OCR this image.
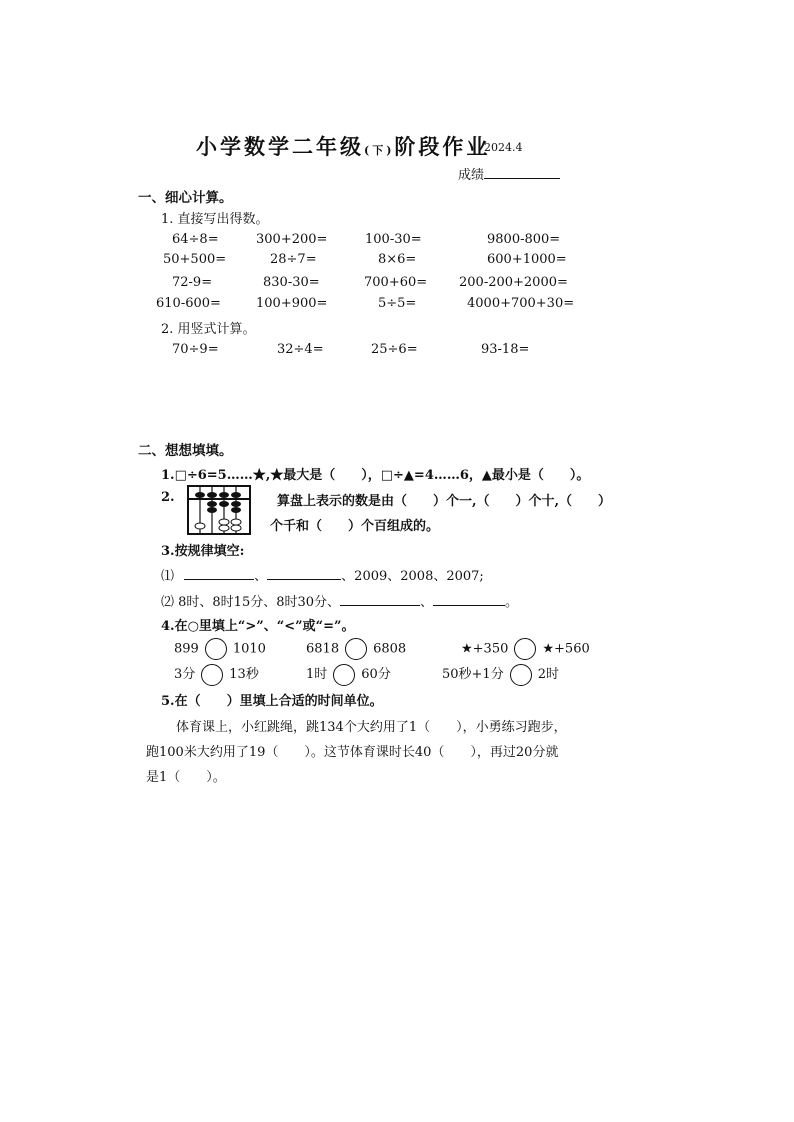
小学数学二年级(下)阶段作业
2024.4
成绩
一、细心计算。
1. 直接写出得数。
64÷8=	300+200=	100-30=	9800-800=
50+500=	28÷7=	8×6=	600+1000=
72-9=	830-30=	700+60= 200-200+2000=
610-600=	100+900=	5÷5=	4000+700+30=
2. 用竖式计算。
70÷9=	32÷4=	25÷6=	93-18=
二、想想填填。
1.□÷6=5……★,★最大是（　　），□÷▲=4……6，▲最小是（　　）。
2.	算盘上表示的数是由（　　）个一,（　　）个十,（　　）
个千和（　　）个百组成的。
3.按规律填空:
⑴	、	、2009、2008、2007;
⑵ 8时、8时15分、8时30分、	、	。
4.在○里填上“>”、“<”或“=”。
899	1010	6818	6808	★+350	★+560
3分	13秒	1时	60分	50秒+1分	2时
5.在（　　）里填上合适的时间单位。
体育课上，小红跳绳，跳134个大约用了1（　　），小勇练习跑步，
跑100米大约用了19（　　）。这节体育课时长40（　　），再过20分就
是1（　　）。
